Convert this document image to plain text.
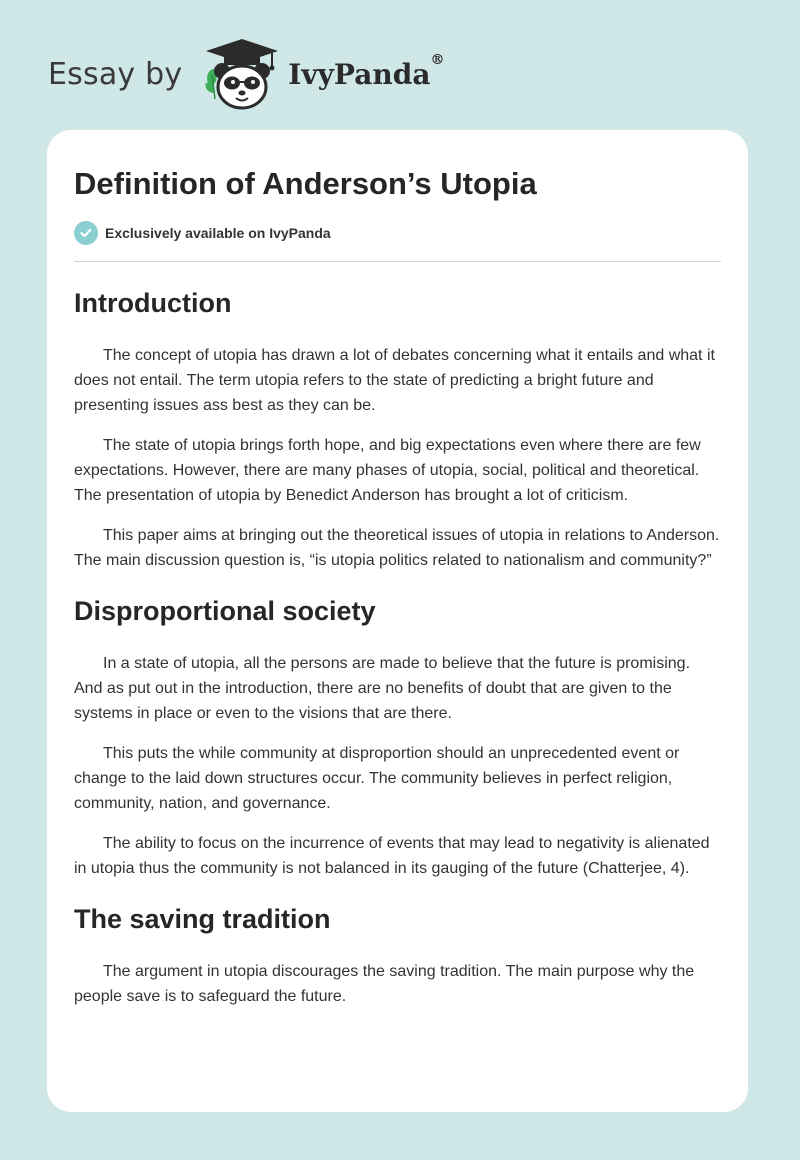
Essay by	IvyPanda®
Definition of Anderson’s Utopia
Exclusively available on IvyPanda
Introduction

The concept of utopia has drawn a lot of debates concerning what it entails and what it does not entail. The term utopia refers to the state of predicting a bright future and presenting issues ass best as they can be.

The state of utopia brings forth hope, and big expectations even where there are few expectations. However, there are many phases of utopia, social, political and theoretical. The presentation of utopia by Benedict Anderson has brought a lot of criticism.

This paper aims at bringing out the theoretical issues of utopia in relations to Anderson. The main discussion question is, “is utopia politics related to nationalism and community?”

Disproportional society

In a state of utopia, all the persons are made to believe that the future is promising. And as put out in the introduction, there are no benefits of doubt that are given to the systems in place or even to the visions that are there.

This puts the while community at disproportion should an unprecedented event or change to the laid down structures occur. The community believes in perfect religion, community, nation, and governance.

The ability to focus on the incurrence of events that may lead to negativity is alienated in utopia thus the community is not balanced in its gauging of the future (Chatterjee, 4).

The saving tradition

The argument in utopia discourages the saving tradition. The main purpose why the people save is to safeguard the future.
